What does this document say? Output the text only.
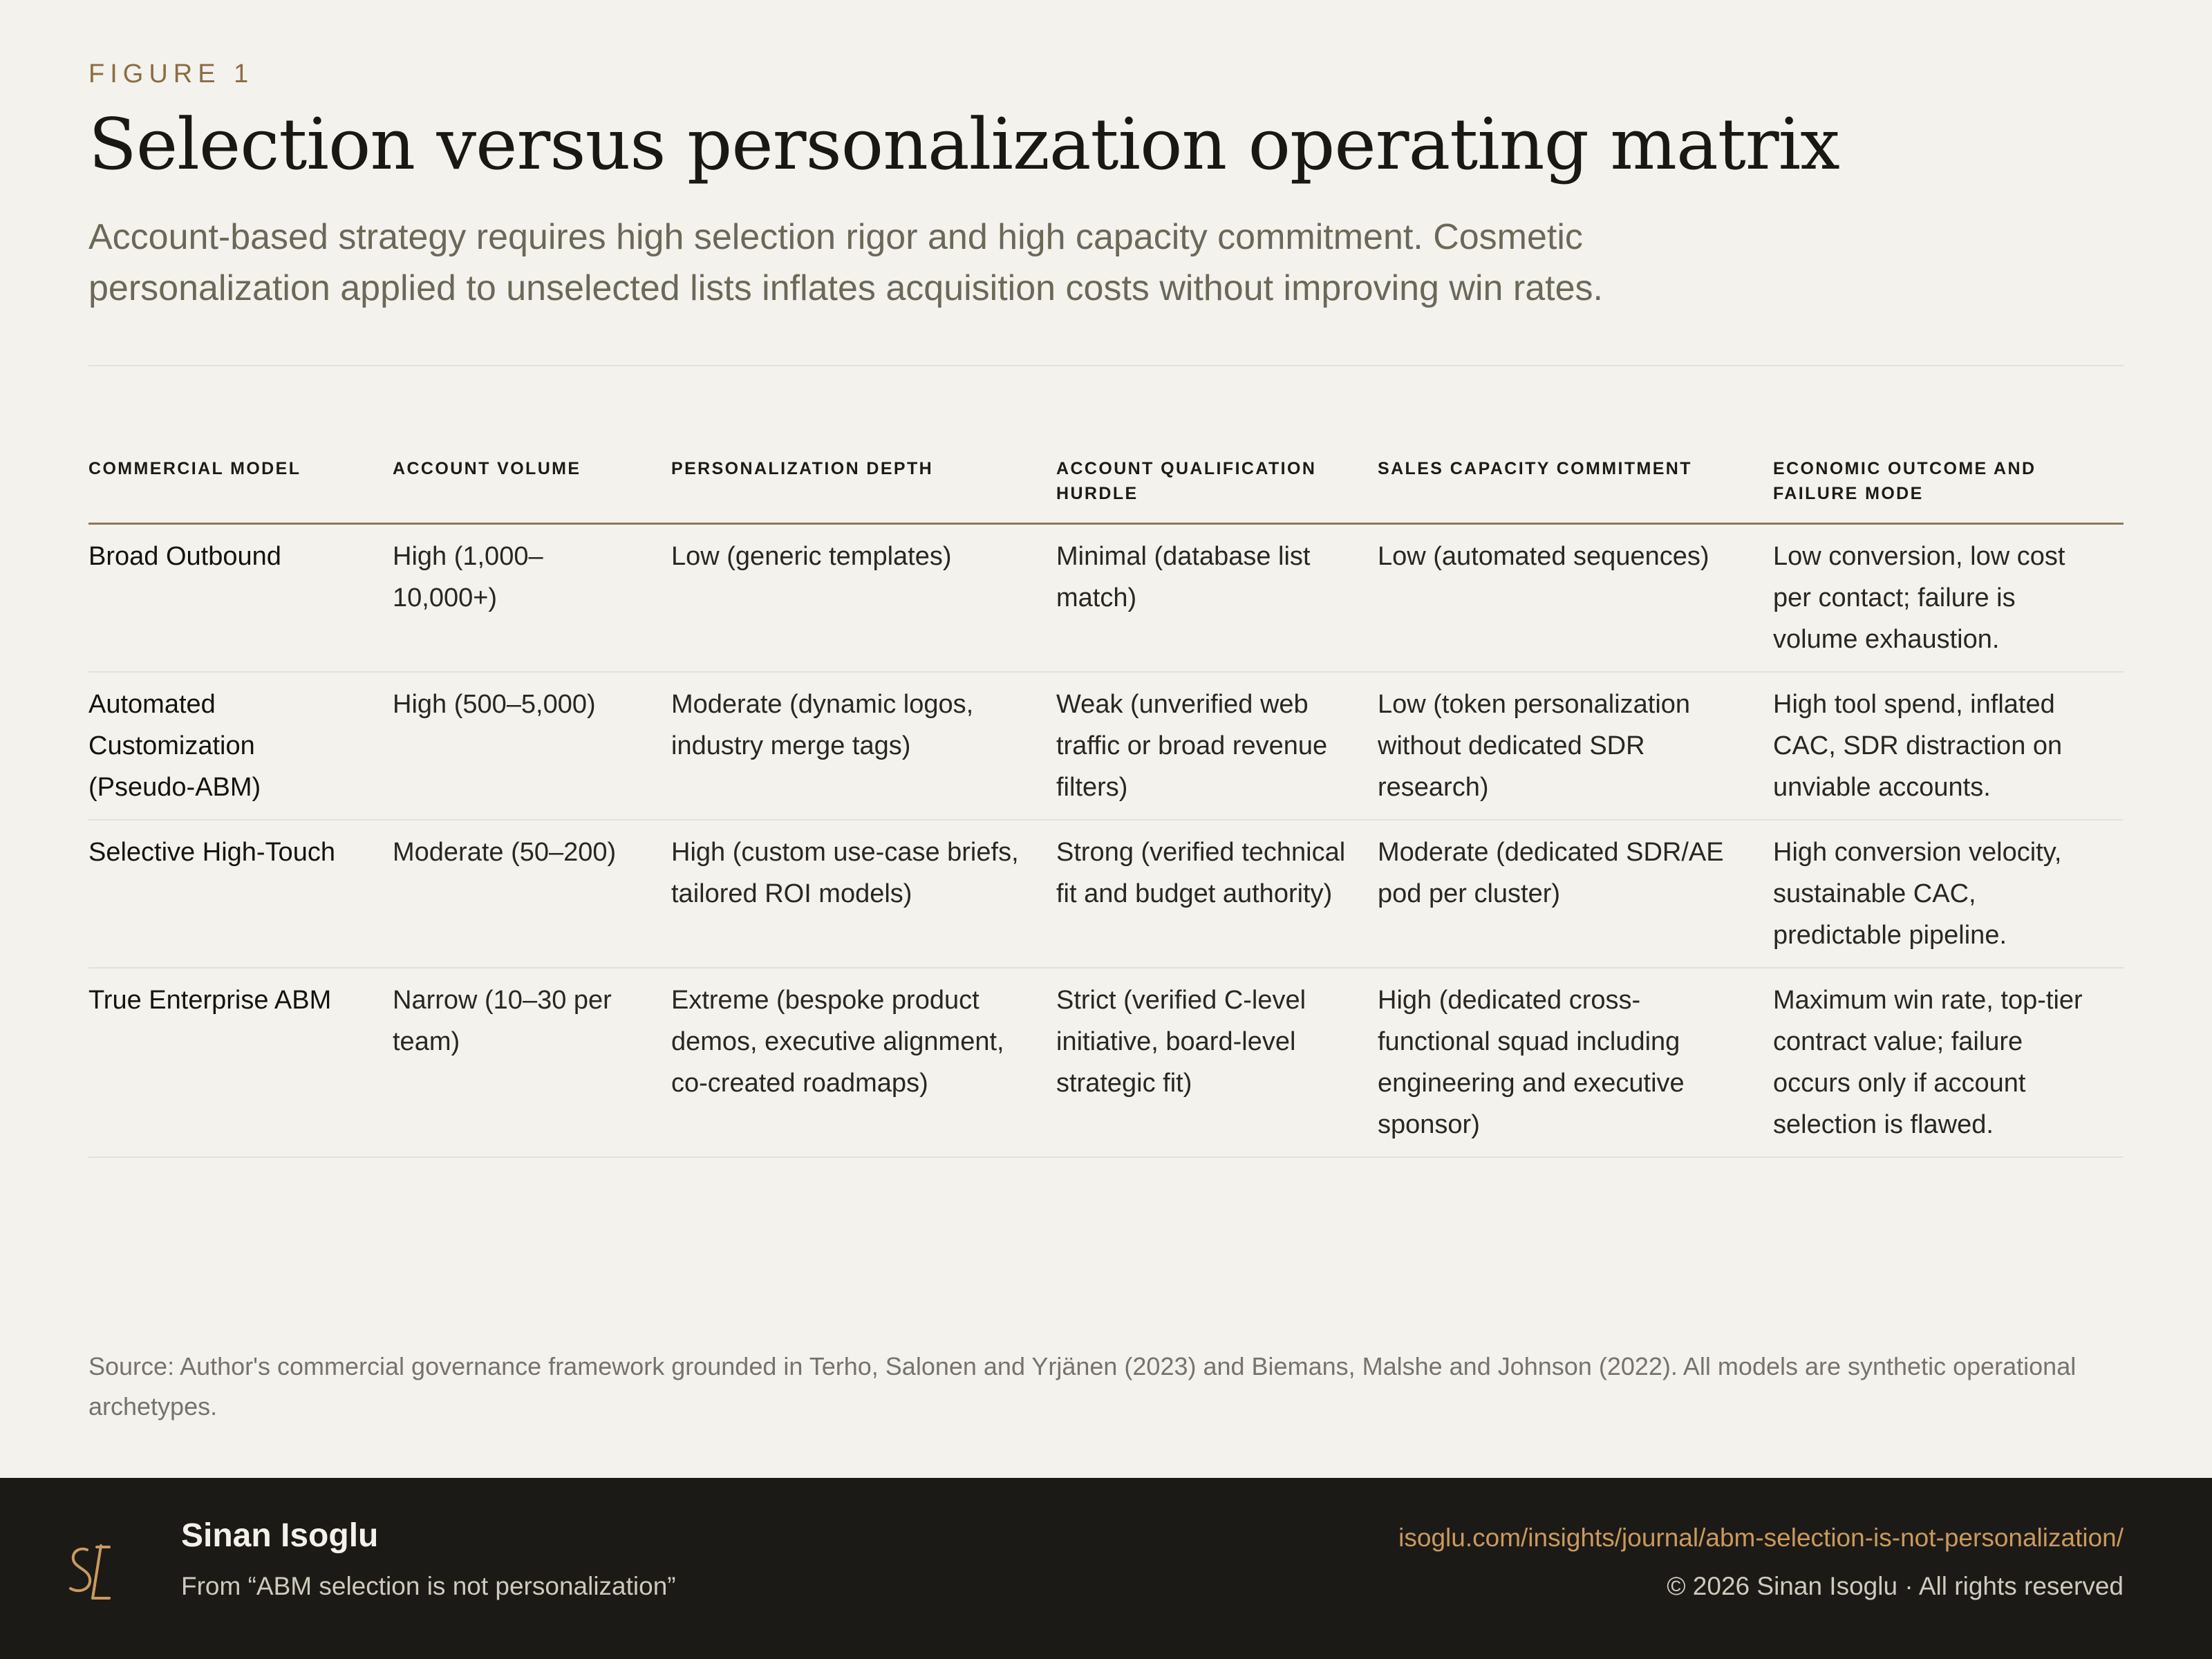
FIGURE 1
Selection versus personalization operating matrix
Account-based strategy requires high selection rigor and high capacity commitment. Cosmetic personalization applied to unselected lists inflates acquisition costs without improving win rates.
COMMERCIAL MODEL	ACCOUNT VOLUME	PERSONALIZATION DEPTH	ACCOUNT QUALIFICATION HURDLE	SALES CAPACITY COMMITMENT	ECONOMIC OUTCOME AND FAILURE MODE
Broad Outbound	High (1,000–10,000+)	Low (generic templates)	Minimal (database list match)	Low (automated sequences)	Low conversion, low cost per contact; failure is volume exhaustion.
Automated Customization (Pseudo-ABM)	High (500–5,000)	Moderate (dynamic logos, industry merge tags)	Weak (unverified web traffic or broad revenue filters)	Low (token personalization without dedicated SDR research)	High tool spend, inflated CAC, SDR distraction on unviable accounts.
Selective High-Touch	Moderate (50–200)	High (custom use-case briefs, tailored ROI models)	Strong (verified technical fit and budget authority)	Moderate (dedicated SDR/AE pod per cluster)	High conversion velocity, sustainable CAC, predictable pipeline.
True Enterprise ABM	Narrow (10–30 per team)	Extreme (bespoke product demos, executive alignment, co-created roadmaps)	Strict (verified C-level initiative, board-level strategic fit)	High (dedicated cross-functional squad including engineering and executive sponsor)	Maximum win rate, top-tier contract value; failure occurs only if account selection is flawed.
Source: Author's commercial governance framework grounded in Terho, Salonen and Yrjänen (2023) and Biemans, Malshe and Johnson (2022). All models are synthetic operational archetypes.
Sinan Isoglu
From “ABM selection is not personalization”
isoglu.com/insights/journal/abm-selection-is-not-personalization/
© 2026 Sinan Isoglu · All rights reserved
